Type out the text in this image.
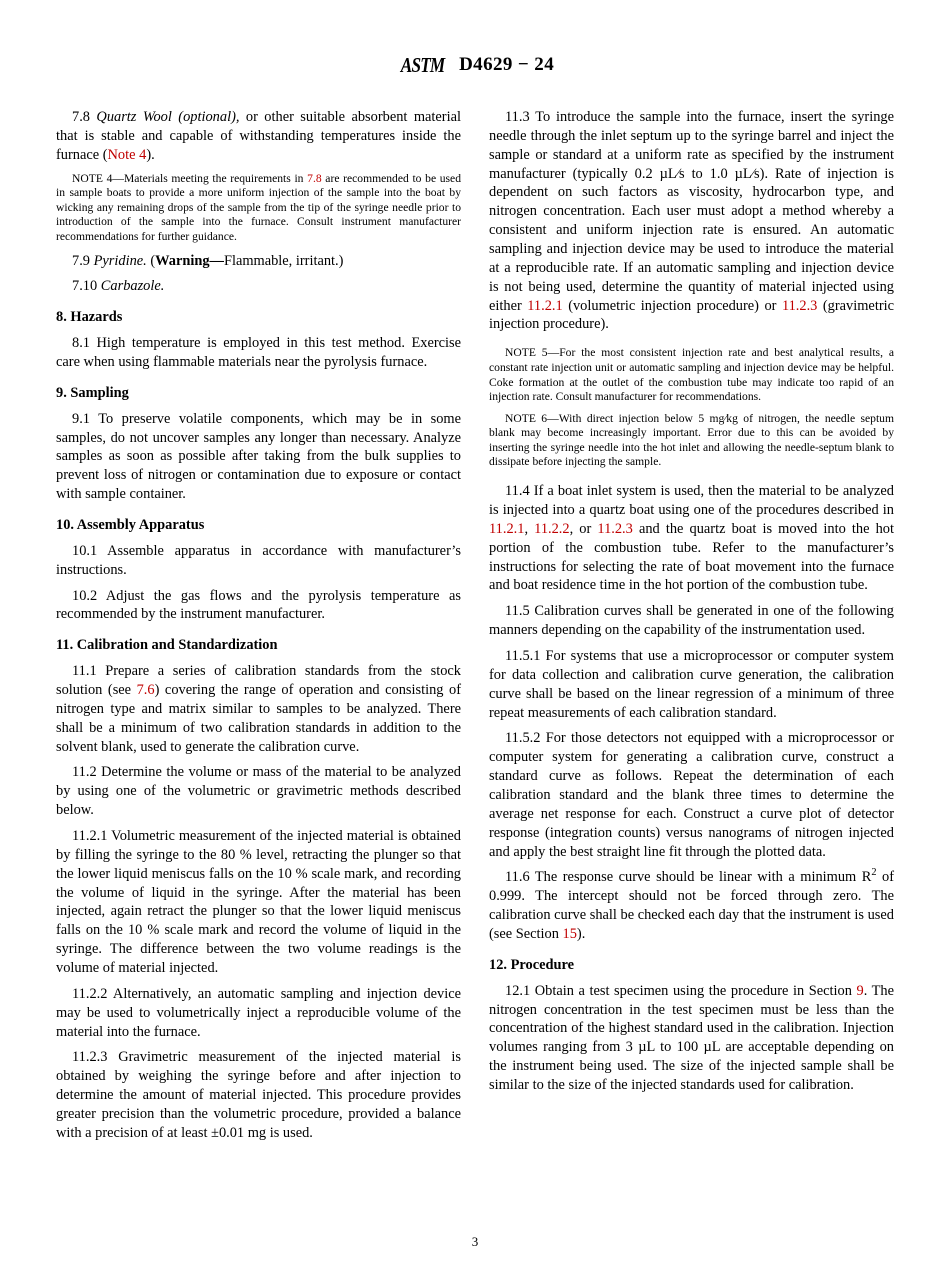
ASTM D4629 − 24

7.8 Quartz Wool (optional), or other suitable absorbent material that is stable and capable of withstanding temperatures inside the furnace (Note 4).

NOTE 4—Materials meeting the requirements in 7.8 are recommended to be used in sample boats to provide a more uniform injection of the sample into the boat by wicking any remaining drops of the sample from the tip of the syringe needle prior to introduction of the sample into the furnace. Consult instrument manufacturer recommendations for further guidance.

7.9 Pyridine. (Warning—Flammable, irritant.)

7.10 Carbazole.

8. Hazards

8.1 High temperature is employed in this test method. Exercise care when using flammable materials near the pyrolysis furnace.

9. Sampling

9.1 To preserve volatile components, which may be in some samples, do not uncover samples any longer than necessary. Analyze samples as soon as possible after taking from the bulk supplies to prevent loss of nitrogen or contamination due to exposure or contact with sample container.

10. Assembly Apparatus

10.1 Assemble apparatus in accordance with manufacturer’s instructions.

10.2 Adjust the gas flows and the pyrolysis temperature as recommended by the instrument manufacturer.

11. Calibration and Standardization

11.1 Prepare a series of calibration standards from the stock solution (see 7.6) covering the range of operation and consisting of nitrogen type and matrix similar to samples to be analyzed. There shall be a minimum of two calibration standards in addition to the solvent blank, used to generate the calibration curve.

11.2 Determine the volume or mass of the material to be analyzed by using one of the volumetric or gravimetric methods described below.

11.2.1 Volumetric measurement of the injected material is obtained by filling the syringe to the 80 % level, retracting the plunger so that the lower liquid meniscus falls on the 10 % scale mark, and recording the volume of liquid in the syringe. After the material has been injected, again retract the plunger so that the lower liquid meniscus falls on the 10 % scale mark and record the volume of liquid in the syringe. The difference between the two volume readings is the volume of material injected.

11.2.2 Alternatively, an automatic sampling and injection device may be used to volumetrically inject a reproducible volume of the material into the furnace.

11.2.3 Gravimetric measurement of the injected material is obtained by weighing the syringe before and after injection to determine the amount of material injected. This procedure provides greater precision than the volumetric procedure, provided a balance with a precision of at least ±0.01 mg is used.

11.3 To introduce the sample into the furnace, insert the syringe needle through the inlet septum up to the syringe barrel and inject the sample or standard at a uniform rate as specified by the instrument manufacturer (typically 0.2 µL∕s to 1.0 µL∕s). Rate of injection is dependent on such factors as viscosity, hydrocarbon type, and nitrogen concentration. Each user must adopt a method whereby a consistent and uniform injection rate is ensured. An automatic sampling and injection device may be used to introduce the material at a reproducible rate. If an automatic sampling and injection device is not being used, determine the quantity of material injected using either 11.2.1 (volumetric injection procedure) or 11.2.3 (gravimetric injection procedure).

NOTE 5—For the most consistent injection rate and best analytical results, a constant rate injection unit or automatic sampling and injection device may be helpful. Coke formation at the outlet of the combustion tube may indicate too rapid of an injection rate. Consult manufacturer for recommendations.

NOTE 6—With direct injection below 5 mg∕kg of nitrogen, the needle septum blank may become increasingly important. Error due to this can be avoided by inserting the syringe needle into the hot inlet and allowing the needle-septum blank to dissipate before injecting the sample.

11.4 If a boat inlet system is used, then the material to be analyzed is injected into a quartz boat using one of the procedures described in 11.2.1, 11.2.2, or 11.2.3 and the quartz boat is moved into the hot portion of the combustion tube. Refer to the manufacturer’s instructions for selecting the rate of boat movement into the furnace and boat residence time in the hot portion of the combustion tube.

11.5 Calibration curves shall be generated in one of the following manners depending on the capability of the instrumentation used.

11.5.1 For systems that use a microprocessor or computer system for data collection and calibration curve generation, the calibration curve shall be based on the linear regression of a minimum of three repeat measurements of each calibration standard.

11.5.2 For those detectors not equipped with a microprocessor or computer system for generating a calibration curve, construct a standard curve as follows. Repeat the determination of each calibration standard and the blank three times to determine the average net response for each. Construct a curve plot of detector response (integration counts) versus nanograms of nitrogen injected and apply the best straight line fit through the plotted data.

11.6 The response curve should be linear with a minimum $R^2$ of 0.999. The intercept should not be forced through zero. The calibration curve shall be checked each day that the instrument is used (see Section 15).

12. Procedure

12.1 Obtain a test specimen using the procedure in Section 9. The nitrogen concentration in the test specimen must be less than the concentration of the highest standard used in the calibration. Injection volumes ranging from 3 µL to 100 µL are acceptable depending on the instrument being used. The size of the injected sample shall be similar to the size of the injected standards used for calibration.

3
